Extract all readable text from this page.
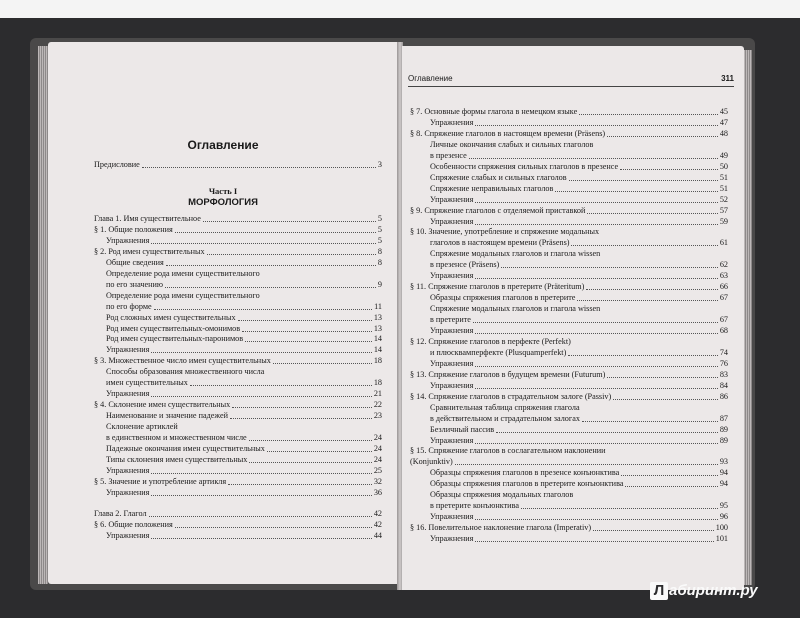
Оглавление
Предисловие	3
Часть I
МОРФОЛОГИЯ
Глава 1. Имя существительное	5
§ 1. Общие положения	5
Упражнения	5
§ 2. Род имен существительных	8
Общие сведения	8
Определение рода имени существительного
по его значению	9
Определение рода имени существительного
по его форме	11
Род сложных имен существительных	13
Род имен существительных-омонимов	13
Род имен существительных-паронимов	14
Упражнения	14
§ 3. Множественное число имен существительных	18
Способы образования множественного числа
имен существительных	18
Упражнения	21
§ 4. Склонение имен существительных	22
Наименование и значение падежей	23
Склонение артиклей
в единственном и множественном числе	24
Падежные окончания имен существительных	24
Типы склонения имен существительных	24
Упражнения	25
§ 5. Значение и употребление артикля	32
Упражнения	36
Глава 2. Глагол	42
§ 6. Общие положения	42
Упражнения	44
Оглавление	311
§ 7. Основные формы глагола в немецком языке	45
Упражнения	47
§ 8. Спряжение глаголов в настоящем времени (Präsens)	48
Личные окончания слабых и сильных глаголов
в презенсе	49
Особенности спряжения сильных глаголов в презенсе	50
Спряжение слабых и сильных глаголов	51
Спряжение неправильных глаголов	51
Упражнения	52
§ 9. Спряжение глаголов с отделяемой приставкой	57
Упражнения	59
§ 10. Значение, употребление и спряжение модальных
глаголов в настоящем времени (Präsens)	61
Спряжение модальных глаголов и глагола wissen
в презенсе (Präsens)	62
Упражнения	63
§ 11. Спряжение глаголов в претерите (Präteritum)	66
Образцы спряжения глаголов в претерите	67
Спряжение модальных глаголов и глагола wissen
в претерите	67
Упражнения	68
§ 12. Спряжение глаголов в перфекте (Perfekt)
и плюсквамперфекте (Plusquamperfekt)	74
Упражнения	76
§ 13. Спряжение глаголов в будущем времени (Futurum)	83
Упражнения	84
§ 14. Спряжение глаголов в страдательном залоге (Passiv)	86
Сравнительная таблица спряжения глагола
в действительном и страдательном залогах	87
Безличный пассив	89
Упражнения	89
§ 15. Спряжение глаголов в сослагательном наклонении
(Konjunktiv)	93
Образцы спряжения глаголов в презенсе конъюнктива	94
Образцы спряжения глаголов в претерите конъюнктива	94
Образцы спряжения модальных глаголов
в претерите конъюнктива	95
Упражнения	96
§ 16. Повелительное наклонение глагола (Imperativ)	100
Упражнения	101
Л абиринт.ру
